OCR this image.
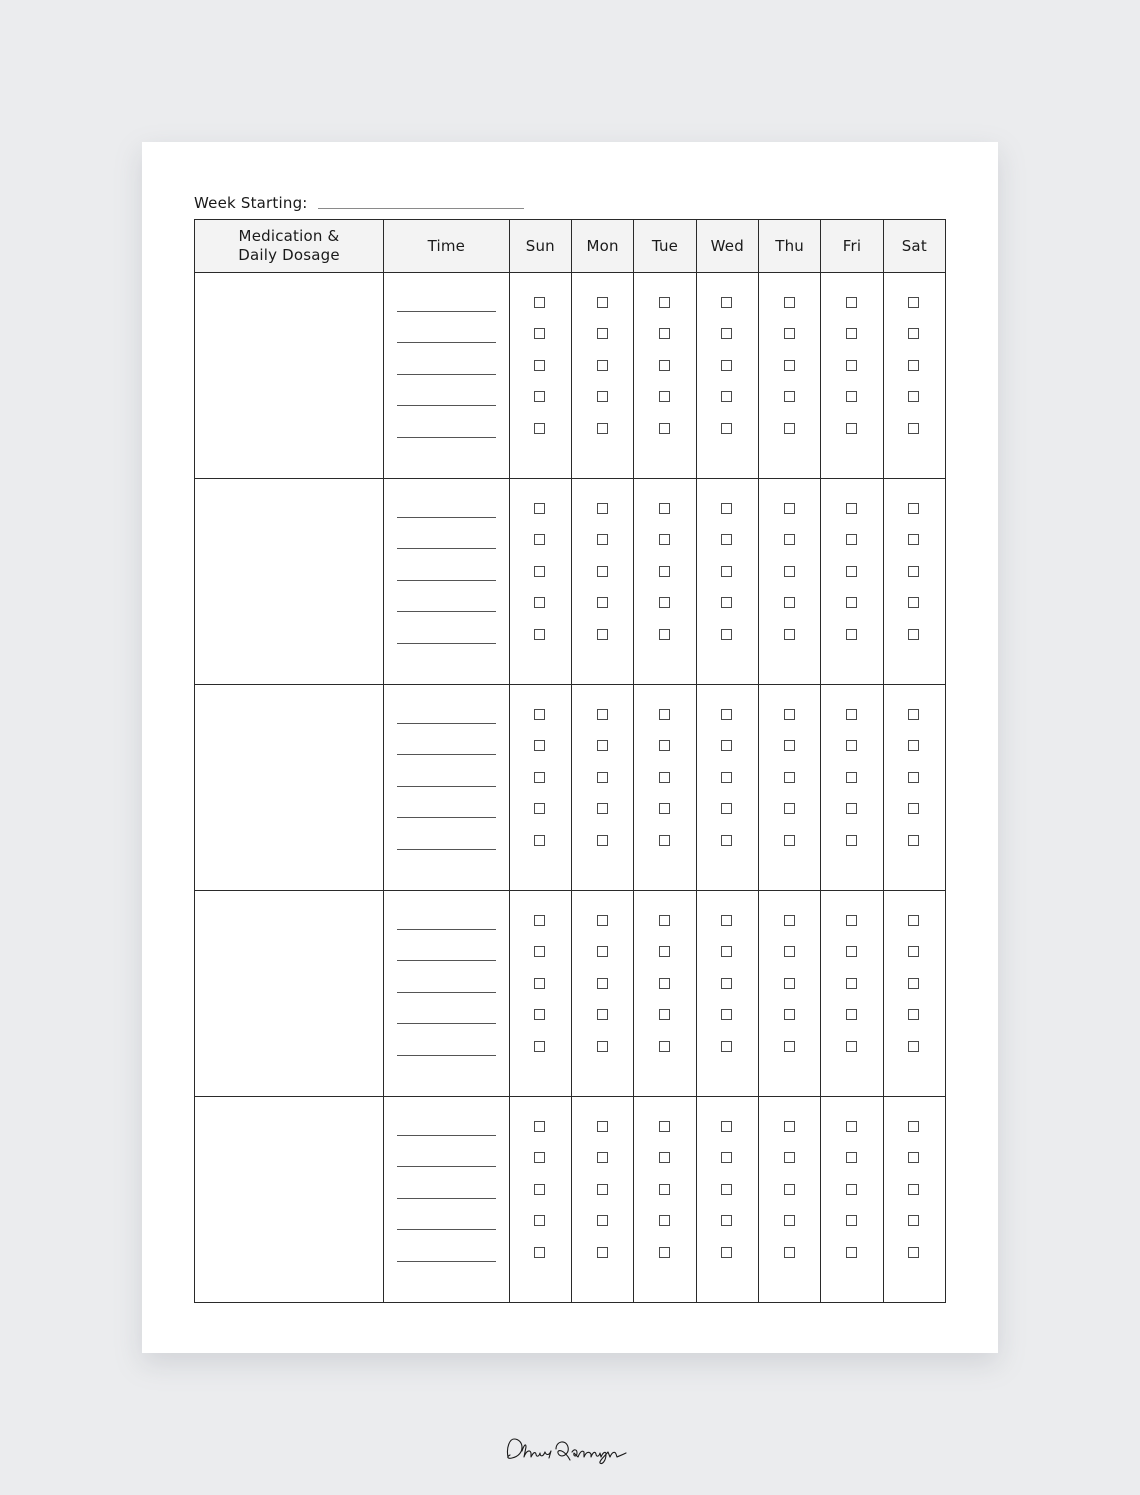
Week Starting:
Medication &
Daily Dosage	Time	Sun	Mon	Tue	Wed	Thu	Fri	Sat
